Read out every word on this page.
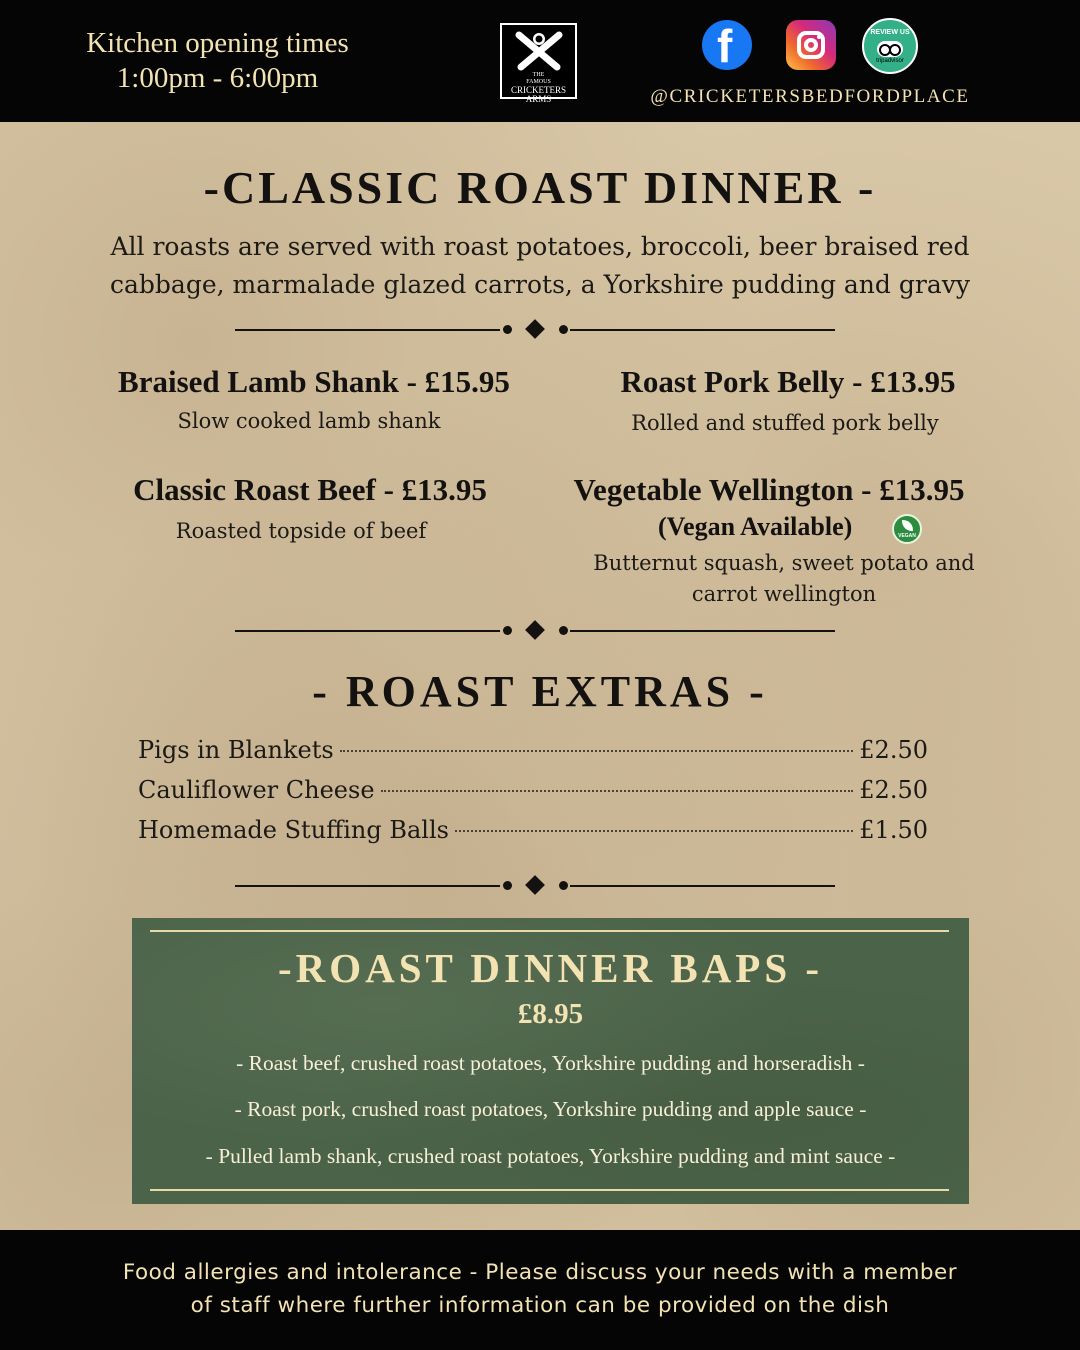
Kitchen opening times
1:00pm - 6:00pm	THE
FAMOUS
CRICKETERS
ARMS
f	REVIEW US
tripadvisor
@CRICKETERSBEDFORDPLACE
-CLASSIC ROAST DINNER -
All roasts are served with roast potatoes, broccoli, beer braised red cabbage, marmalade glazed carrots, a Yorkshire pudding and gravy
Braised Lamb Shank - £15.95
Slow cooked lamb shank
Roast Pork Belly - £13.95
Rolled and stuffed pork belly
Classic Roast Beef - £13.95
Roasted topside of beef
Vegetable Wellington - £13.95
(Vegan Available)	VEGAN
Butternut squash, sweet potato and carrot wellington
- ROAST EXTRAS -
Pigs in Blankets	£2.50
Cauliflower Cheese	£2.50
Homemade Stuffing Balls	£1.50
-ROAST DINNER BAPS -
£8.95
- Roast beef, crushed roast potatoes, Yorkshire pudding and horseradish -
- Roast pork, crushed roast potatoes, Yorkshire pudding and apple sauce -
- Pulled lamb shank, crushed roast potatoes, Yorkshire pudding and mint sauce -
Food allergies and intolerance - Please discuss your needs with a member
of staff where further information can be provided on the dish
